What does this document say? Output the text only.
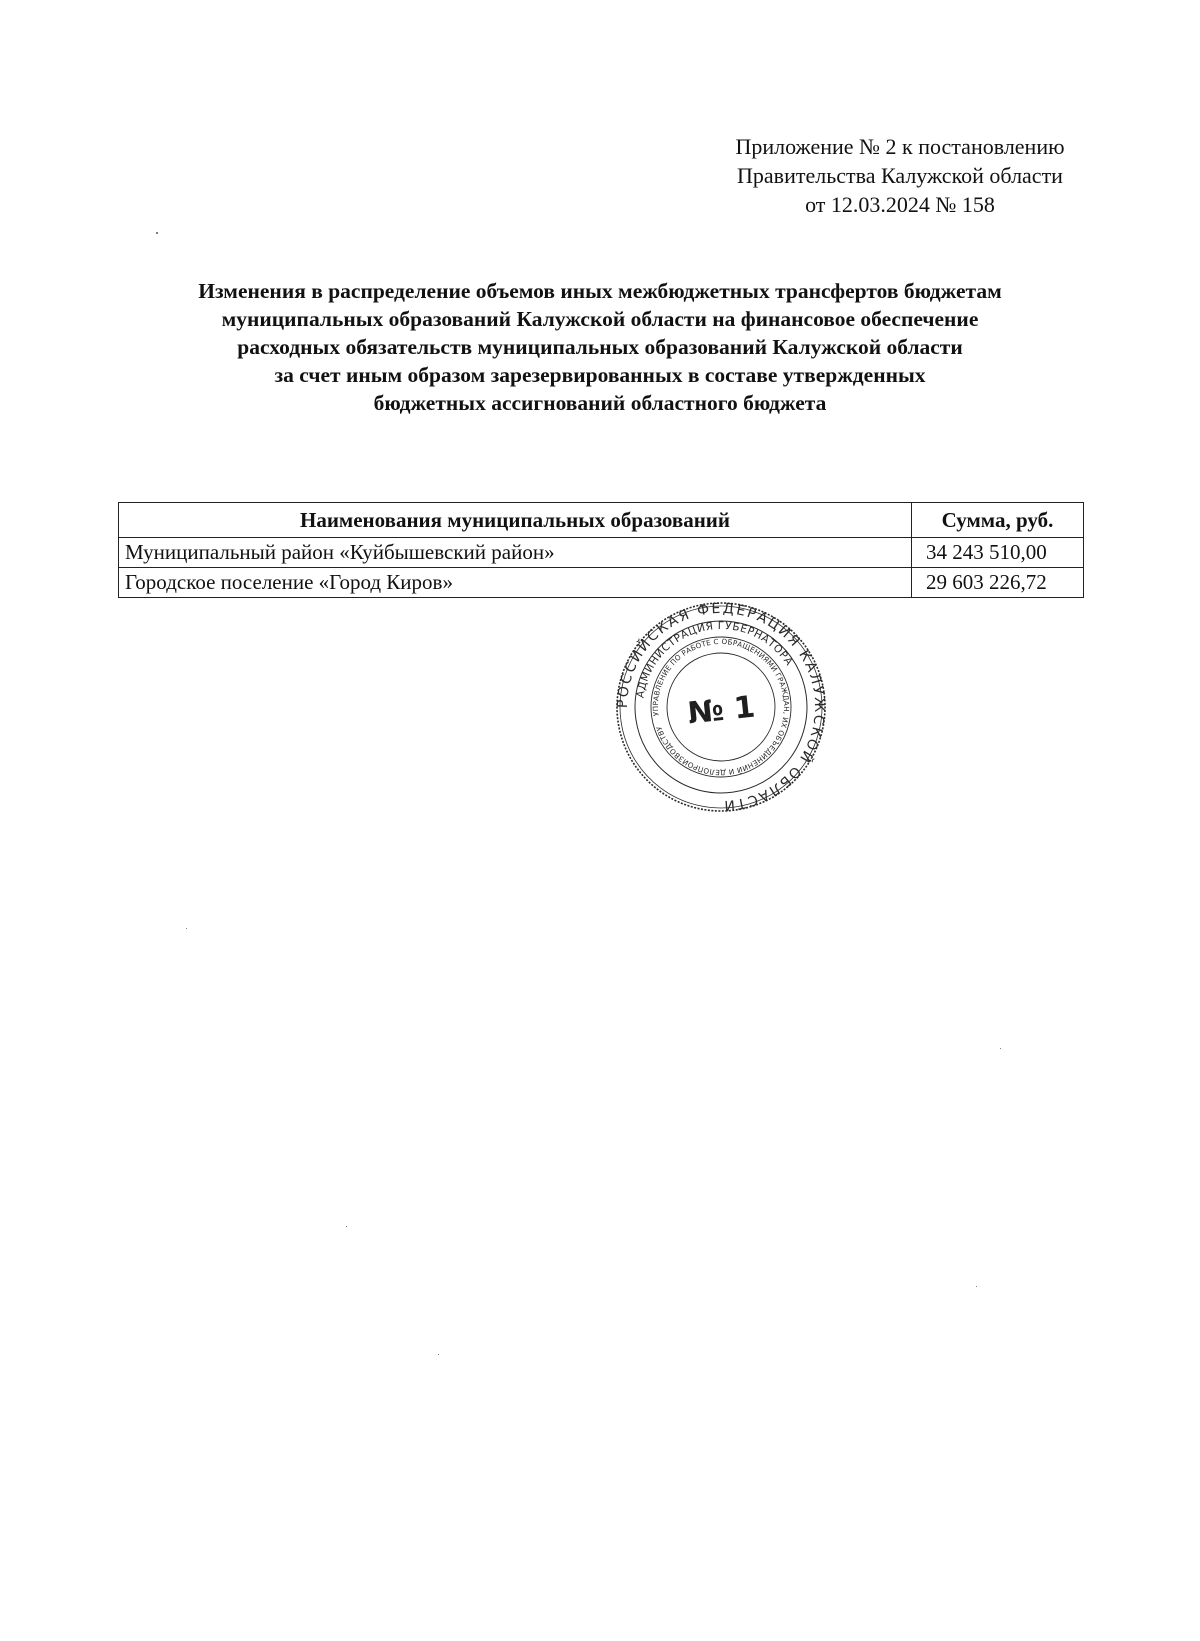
Приложение № 2 к постановлению
Правительства Калужской области
от 12.03.2024 № 158
Изменения в распределение объемов иных межбюджетных трансфертов бюджетам
муниципальных образований Калужской области на финансовое обеспечение
расходных обязательств муниципальных образований Калужской области
за счет иным образом зарезервированных в составе утвержденных
бюджетных ассигнований областного бюджета
Наименования муниципальных образований	Сумма, руб.
Муниципальный район «Куйбышевский район»	34 243 510,00
Городское поселение «Город Киров»	29 603 226,72
РОССИЙСКАЯ ФЕДЕРАЦИЯ КАЛУЖСКОЙ ОБЛАСТИ
АДМИНИСТРАЦИЯ ГУБЕРНАТОРА
УПРАВЛЕНИЕ ПО РАБОТЕ С ОБРАЩЕНИЯМИ ГРАЖДАН, ИХ ОБЪЕДИНЕНИЙ И ДЕЛОПРОИЗВОДСТВУ № 1
